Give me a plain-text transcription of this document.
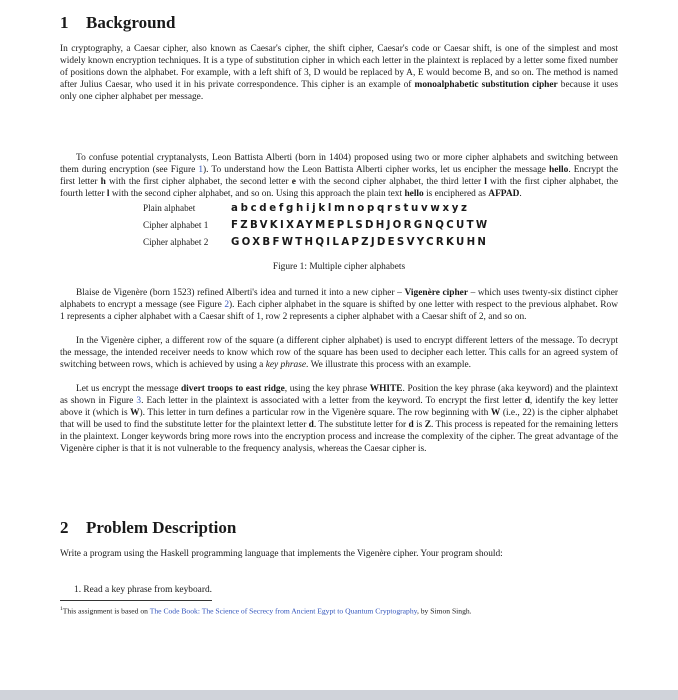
1 Background

In cryptography, a Caesar cipher, also known as Caesar's cipher, the shift cipher, Caesar's code or Caesar shift, is one of the simplest and most widely known encryption techniques. It is a type of substitution cipher in which each letter in the plaintext is replaced by a letter some fixed number of positions down the alphabet. For example, with a left shift of 3, D would be replaced by A, E would become B, and so on. The method is named after Julius Caesar, who used it in his private correspondence. This cipher is an example of monoalphabetic substitution cipher because it uses only one cipher alphabet per message.

To confuse potential cryptanalysts, Leon Battista Alberti (born in 1404) proposed using two or more cipher alphabets and switching between them during encryption (see Figure 1). To understand how the Leon Battista Alberti cipher works, let us encipher the message hello. Encrypt the first letter h with the first cipher alphabet, the second letter e with the second cipher alphabet, the third letter l with the first cipher alphabet, the fourth letter l with the second cipher alphabet, and so on. Using this approach the plain text hello is enciphered as AFPAD.

Plain alphabet	abcdefghijklmnopqrstuvwxyz
Cipher alphabet 1 FZBVKIXAYMEPLSDHJORGNQCUTW
Cipher alphabet 2 GOXBFWTHQILAPZJDESVYCRKUHN
Figure 1: Multiple cipher alphabets

Blaise de Vigenère (born 1523) refined Alberti's idea and turned it into a new cipher – Vigenère cipher – which uses twenty-six distinct cipher alphabets to encrypt a message (see Figure 2). Each cipher alphabet in the square is shifted by one letter with respect to the previous alphabet. Row 1 represents a cipher alphabet with a Caesar shift of 1, row 2 represents a cipher alphabet with a Caesar shift of 2, and so on.

In the Vigenère cipher, a different row of the square (a different cipher alphabet) is used to encrypt different letters of the message. To decrypt the message, the intended receiver needs to know which row of the square has been used to decipher each letter. This calls for an agreed system of switching between rows, which is achieved by using a key phrase. We illustrate this process with an example.

Let us encrypt the message divert troops to east ridge, using the key phrase WHITE. Position the key phrase (aka keyword) and the plaintext as shown in Figure 3. Each letter in the plaintext is associated with a letter from the keyword. To encrypt the first letter d, identify the key letter above it (which is W). This letter in turn defines a particular row in the Vigenère square. The row beginning with W (i.e., 22) is the cipher alphabet that will be used to find the substitute letter for the plaintext letter d. The substitute letter for d is Z. This process is repeated for the remaining letters in the plaintext. Longer keywords bring more rows into the encryption process and increase the complexity of the cipher. The great advantage of the Vigenère cipher is that it is not vulnerable to the frequency analysis, whereas the Caesar cipher is.

2 Problem Description

Write a program using the Haskell programming language that implements the Vigenère cipher. Your program should:

1. Read a key phrase from keyboard.
$^1$This assignment is based on The Code Book: The Science of Secrecy from Ancient Egypt to Quantum Cryptography, by Simon Singh.
